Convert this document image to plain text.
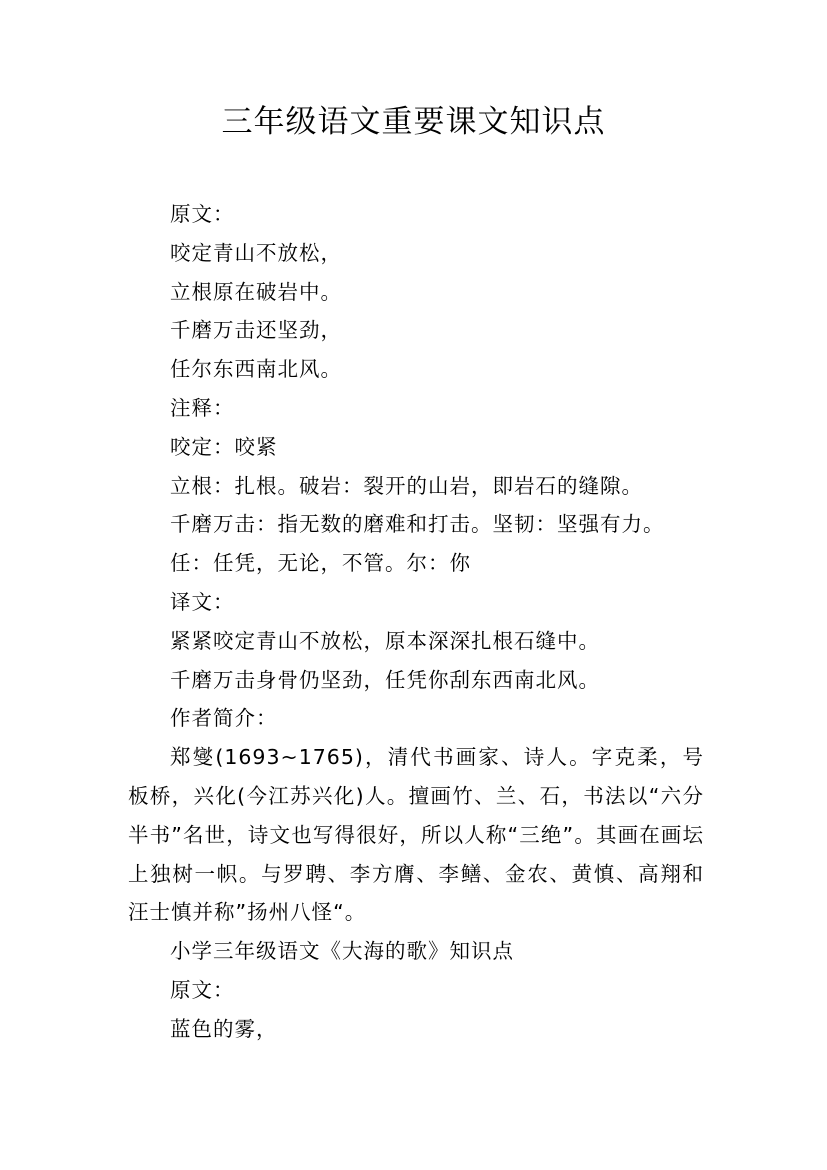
三年级语文重要课文知识点

原文：

咬定青山不放松，

立根原在破岩中。

千磨万击还坚劲，

任尔东西南北风。

注释：

咬定：咬紧

立根：扎根。破岩：裂开的山岩，即岩石的缝隙。

千磨万击：指无数的磨难和打击。坚韧：坚强有力。

任：任凭，无论，不管。尔：你

译文：

紧紧咬定青山不放松，原本深深扎根石缝中。

千磨万击身骨仍坚劲，任凭你刮东西南北风。

作者简介：

郑燮(1693~1765)，清代书画家、诗人。字克柔，号板桥，兴化(今江苏兴化)人。擅画竹、兰、石，书法以“六分半书”名世，诗文也写得很好，所以人称“三绝”。其画在画坛上独树一帜。与罗聘、李方膺、李鳝、金农、黄慎、高翔和汪士慎并称”扬州八怪“。

小学三年级语文《大海的歌》知识点

原文：

蓝色的雾，
